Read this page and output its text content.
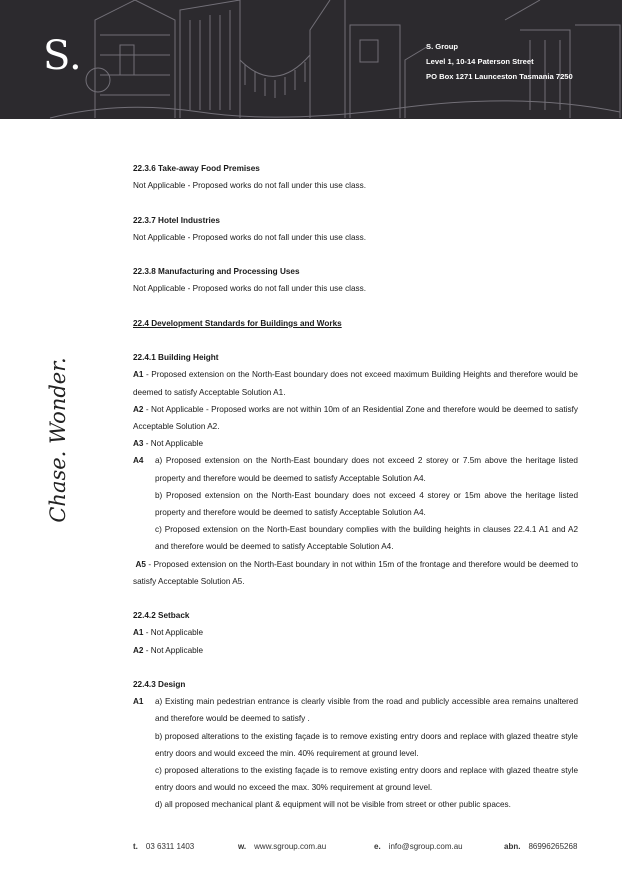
S.	S. Group
Level 1, 10-14 Paterson Street
PO Box 1271 Launceston Tasmania 7250
Chase. Wonder.

22.3.6 Take-away Food Premises

Not Applicable - Proposed works do not fall under this use class.

22.3.7 Hotel Industries

Not Applicable - Proposed works do not fall under this use class.

22.3.8 Manufacturing and Processing Uses

Not Applicable - Proposed works do not fall under this use class.

22.4 Development Standards for Buildings and Works

22.4.1 Building Height

A1 - Proposed extension on the North-East boundary does not exceed maximum Building Heights and therefore would be deemed to satisfy Acceptable Solution A1.

A2 - Not Applicable - Proposed works are not within 10m of an Residential Zone and therefore would be deemed to satisfy Acceptable Solution A2.

A3 - Not Applicable

A4	a) Proposed extension on the North-East boundary does not exceed 2 storey or 7.5m above the heritage listed property and therefore would be deemed to satisfy Acceptable Solution A4.

b) Proposed extension on the North-East boundary does not exceed 4 storey or 15m above the heritage listed property and therefore would be deemed to satisfy Acceptable Solution A4.

c) Proposed extension on the North-East boundary complies with the building heights in clauses 22.4.1 A1 and A2 and therefore would be deemed to satisfy Acceptable Solution A4.

A5 - Proposed extension on the North-East boundary in not within 15m of the frontage and therefore would be deemed to satisfy Acceptable Solution A5.

22.4.2 Setback

A1 - Not Applicable

A2 - Not Applicable

22.4.3 Design

A1	a) Existing main pedestrian entrance is clearly visible from the road and publicly accessible area remains unaltered and therefore would be deemed to satisfy .

b) proposed alterations to the existing façade is to remove existing entry doors and replace with glazed theatre style entry doors and would exceed the min. 40% requirement at ground level.

c) proposed alterations to the existing façade is to remove existing entry doors and replace with glazed theatre style entry doors and would no exceed the max. 30% requirement at ground level.

d) all proposed mechanical plant & equipment will not be visible from street or other public spaces.

t. 03 6311 1403	w. www.sgroup.com.au	e. info@sgroup.com.au	abn. 86996265268
